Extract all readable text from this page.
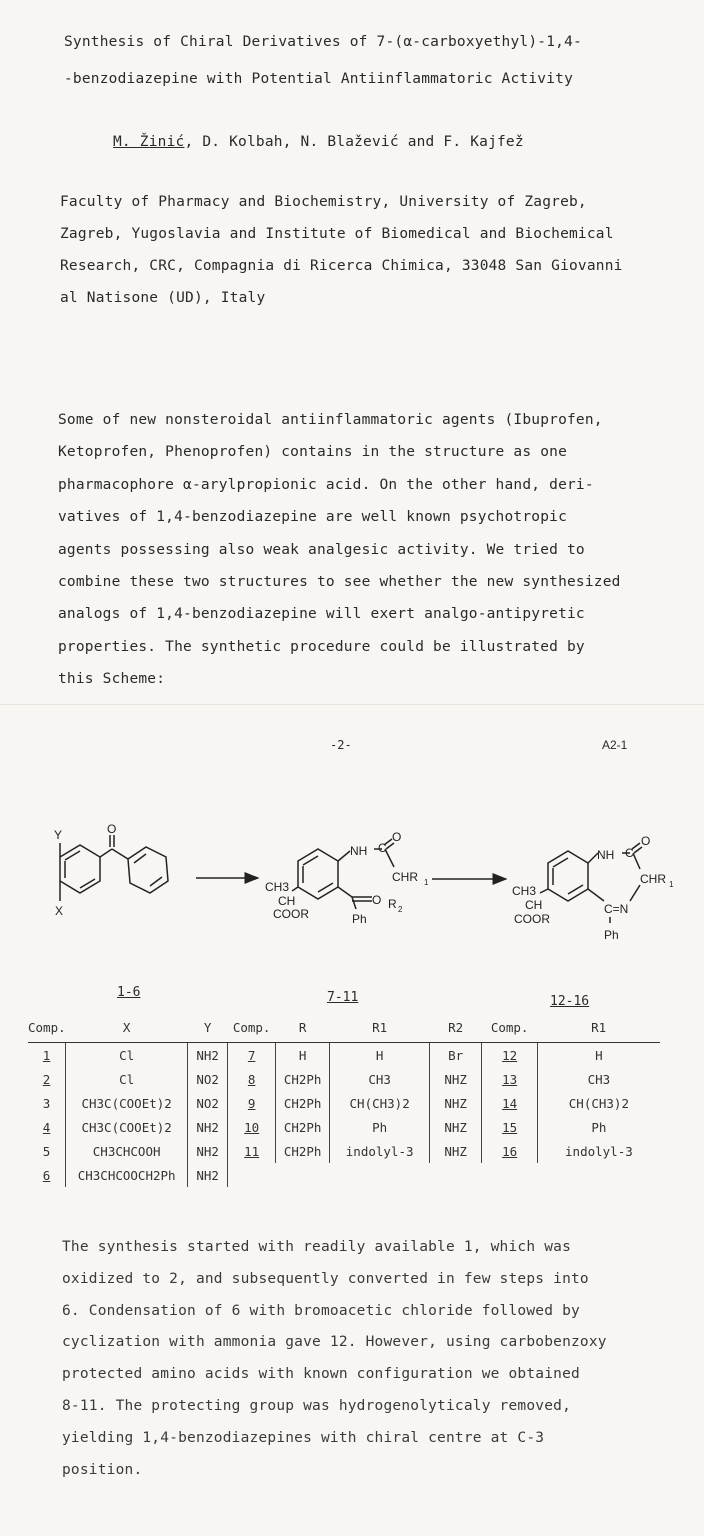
Synthesis of Chiral Derivatives of 7-(α-carboxyethyl)-1,4-
-benzodiazepine with Potential Antiinflammatoric Activity
M. Žinić, D. Kolbah, N. Blažević and F. Kajfež
Faculty of Pharmacy and Biochemistry, University of Zagreb,
Zagreb, Yugoslavia and Institute of Biomedical and Biochemical
Research, CRC, Compagnia di Ricerca Chimica, 33048 San Giovanni
al Natisone (UD), Italy
Some of new nonsteroidal antiinflammatoric agents (Ibuprofen,
Ketoprofen, Phenoprofen) contains in the structure as one
pharmacophore α-arylpropionic acid. On the other hand, deri-
vatives of 1,4-benzodiazepine are well known psychotropic
agents possessing also weak analgesic activity. We tried to
combine these two structures to see whether the new synthesized
analogs of 1,4-benzodiazepine will exert analgo-antipyretic
properties. The synthetic procedure could be illustrated by
this Scheme:
-2-	A2-1
Y	O
X
NH C
O
CHR 1
CH3
CH
COOR
O R 2
Ph
NH C
O
CHR 1
CH3
CH
COOR
C=N
Ph
1-6	7-11	12-16
Comp.	X	Y	Comp.	R	R1	R2	Comp.	R1
1	Cl	NH2	7	H	H	Br	12	H
2	Cl	NO2	8	CH2Ph	CH3	NHZ	13	CH3
3	CH3C(COOEt)2	NO2	9	CH2Ph	CH(CH3)2	NHZ	14	CH(CH3)2
4	CH3C(COOEt)2	NH2	10	CH2Ph	Ph	NHZ	15	Ph
5	CH3CHCOOH	NH2	11	CH2Ph	indolyl-3	NHZ	16	indolyl-3
6	CH3CHCOOCH2Ph	NH2						
The synthesis started with readily available 1, which was
oxidized to 2, and subsequently converted in few steps into
6. Condensation of 6 with bromoacetic chloride followed by
cyclization with ammonia gave 12. However, using carbobenzoxy
protected amino acids with known configuration we obtained
8-11. The protecting group was hydrogenolyticaly removed,
yielding 1,4-benzodiazepines with chiral centre at C-3
position.
